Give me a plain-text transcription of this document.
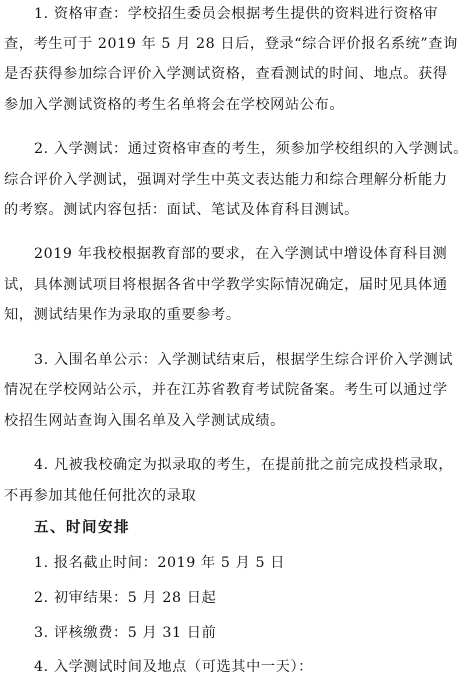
1. 资格审查：学校招生委员会根据考生提供的资料进行资格审
查，考生可于 2019 年 5 月 28 日后，登录“综合评价报名系统”查询
是否获得参加综合评价入学测试资格，查看测试的时间、地点。获得
参加入学测试资格的考生名单将会在学校网站公布。
2. 入学测试：通过资格审查的考生，须参加学校组织的入学测试。
综合评价入学测试，强调对学生中英文表达能力和综合理解分析能力
的考察。测试内容包括：面试、笔试及体育科目测试。
2019 年我校根据教育部的要求，在入学测试中增设体育科目测
试，具体测试项目将根据各省中学教学实际情况确定，届时见具体通
知，测试结果作为录取的重要参考。
3. 入围名单公示：入学测试结束后，根据学生综合评价入学测试
情况在学校网站公示，并在江苏省教育考试院备案。考生可以通过学
校招生网站查询入围名单及入学测试成绩。
4. 凡被我校确定为拟录取的考生，在提前批之前完成投档录取，
不再参加其他任何批次的录取
五、时间安排
1. 报名截止时间：2019 年 5 月 5 日
2. 初审结果：5 月 28 日起
3. 评核缴费：5 月 31 日前
4. 入学测试时间及地点（可选其中一天）：
